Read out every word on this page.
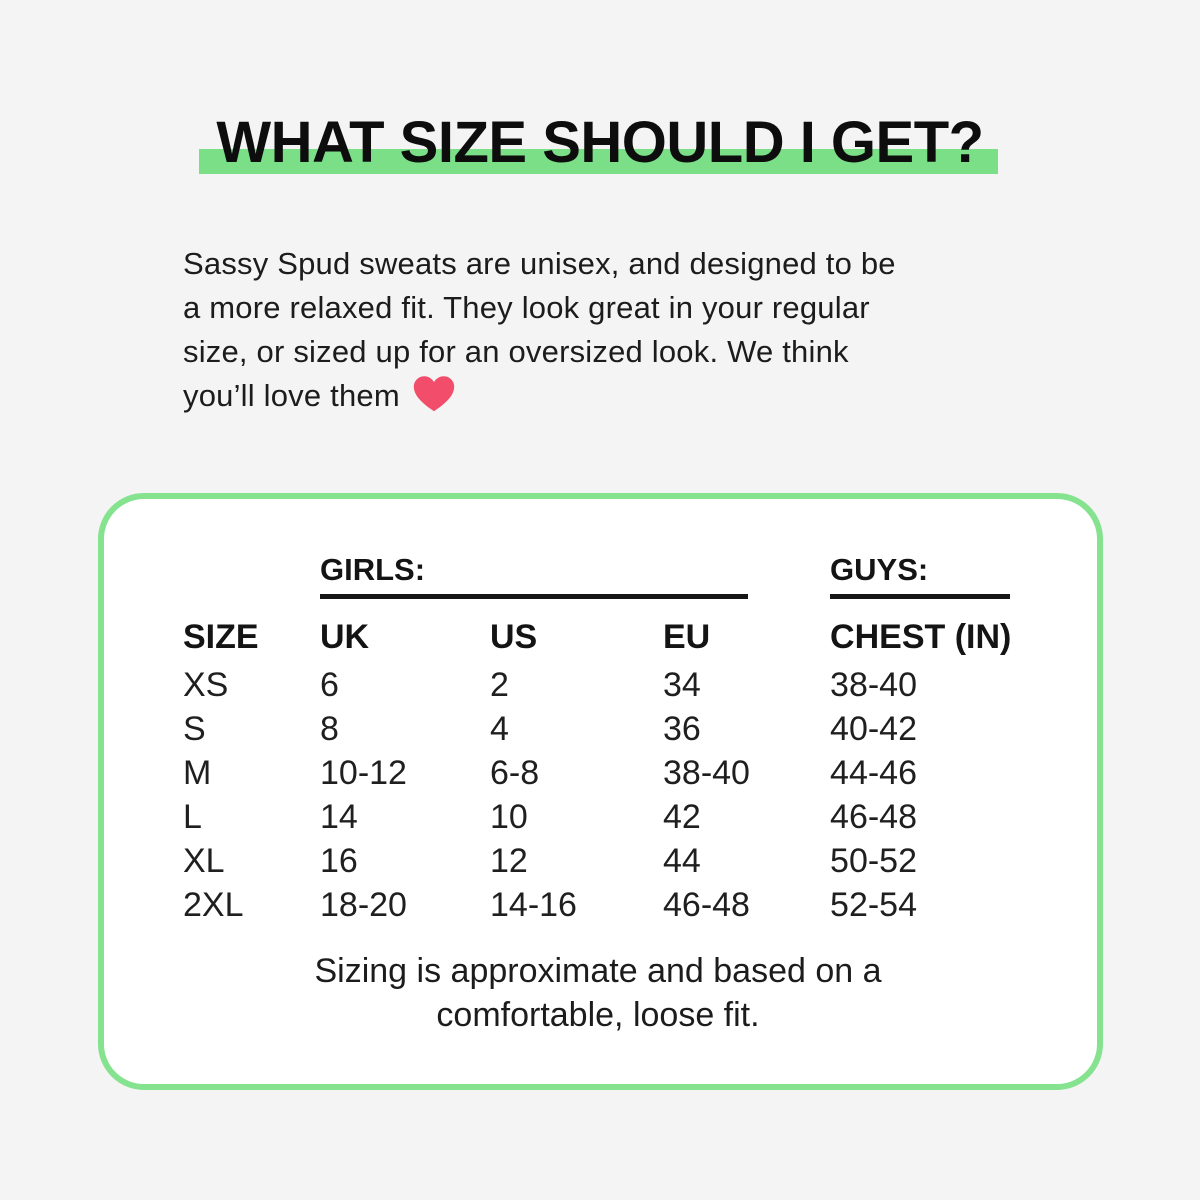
WHAT SIZE SHOULD I GET?
Sassy Spud sweats are unisex, and designed to be
a more relaxed fit. They look great in your regular
size, or sized up for an oversized look. We think
you’ll love them
	GIRLS:			GUYS:
SIZE	UK	US	EU	CHEST (IN)
XS	6	2	34	38-40
S	8	4	36	40-42
M	10-12	6-8	38-40	44-46
L	14	10	42	46-48
XL	16	12	44	50-52
2XL	18-20	14-16	46-48	52-54
Sizing is approximate and based on a
comfortable, loose fit.
